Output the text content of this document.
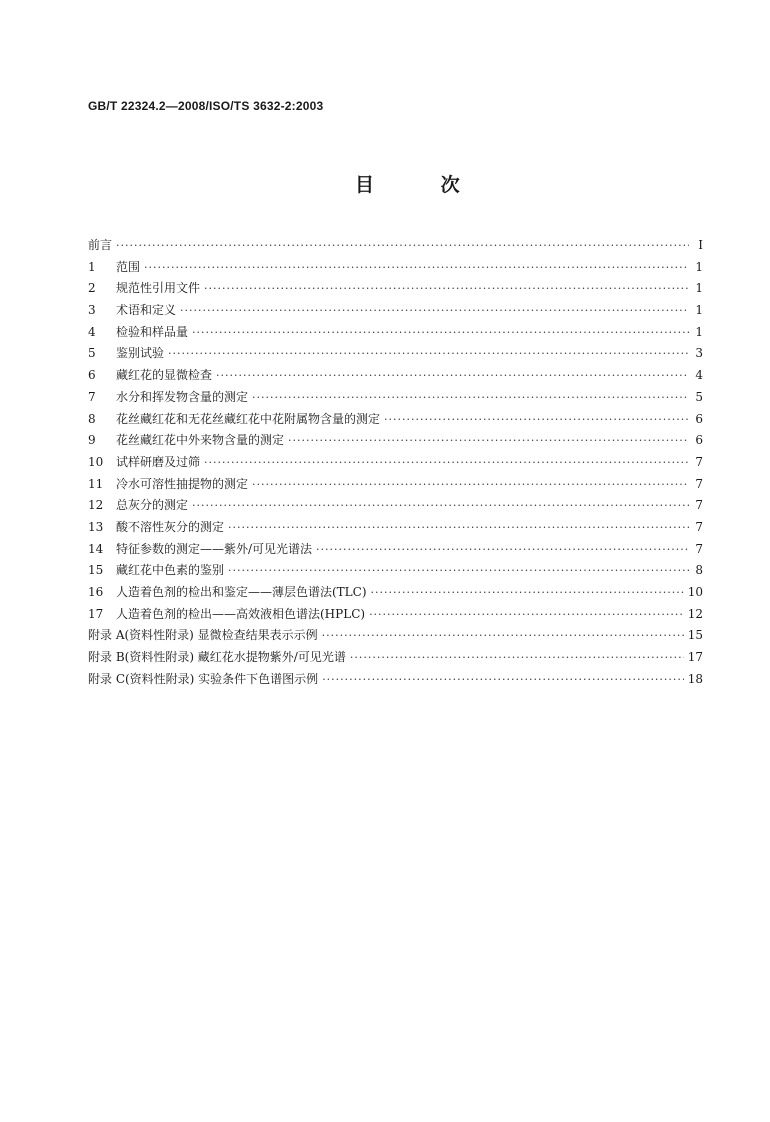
GB/T 22324.2—2008/ISO/TS 3632-2:2003
目 次
前言 ·····	Ⅰ
1	范围 ·····	1
2	规范性引用文件 ·····	1
3	术语和定义 ·····	1
4	检验和样品量 ·····	1
5	鉴别试验 ·····	3
6	藏红花的显微检查 ·····	4
7	水分和挥发物含量的测定 ·····	5
8	花丝藏红花和无花丝藏红花中花附属物含量的测定 ·····	6
9	花丝藏红花中外来物含量的测定 ·····	6
10	试样研磨及过筛 ·····	7
11	冷水可溶性抽提物的测定 ·····	7
12	总灰分的测定 ·····	7
13	酸不溶性灰分的测定 ·····	7
14	特征参数的测定——紫外/可见光谱法 ·····	7
15	藏红花中色素的鉴别 ·····	8
16	人造着色剂的检出和鉴定——薄层色谱法(TLC) ·····	10
17	人造着色剂的检出——高效液相色谱法(HPLC) ·····	12
附录 A(资料性附录) 显微检查结果表示示例 ·····	15
附录 B(资料性附录) 藏红花水提物紫外/可见光谱 ·····	17
附录 C(资料性附录) 实验条件下色谱图示例 ·····	18
